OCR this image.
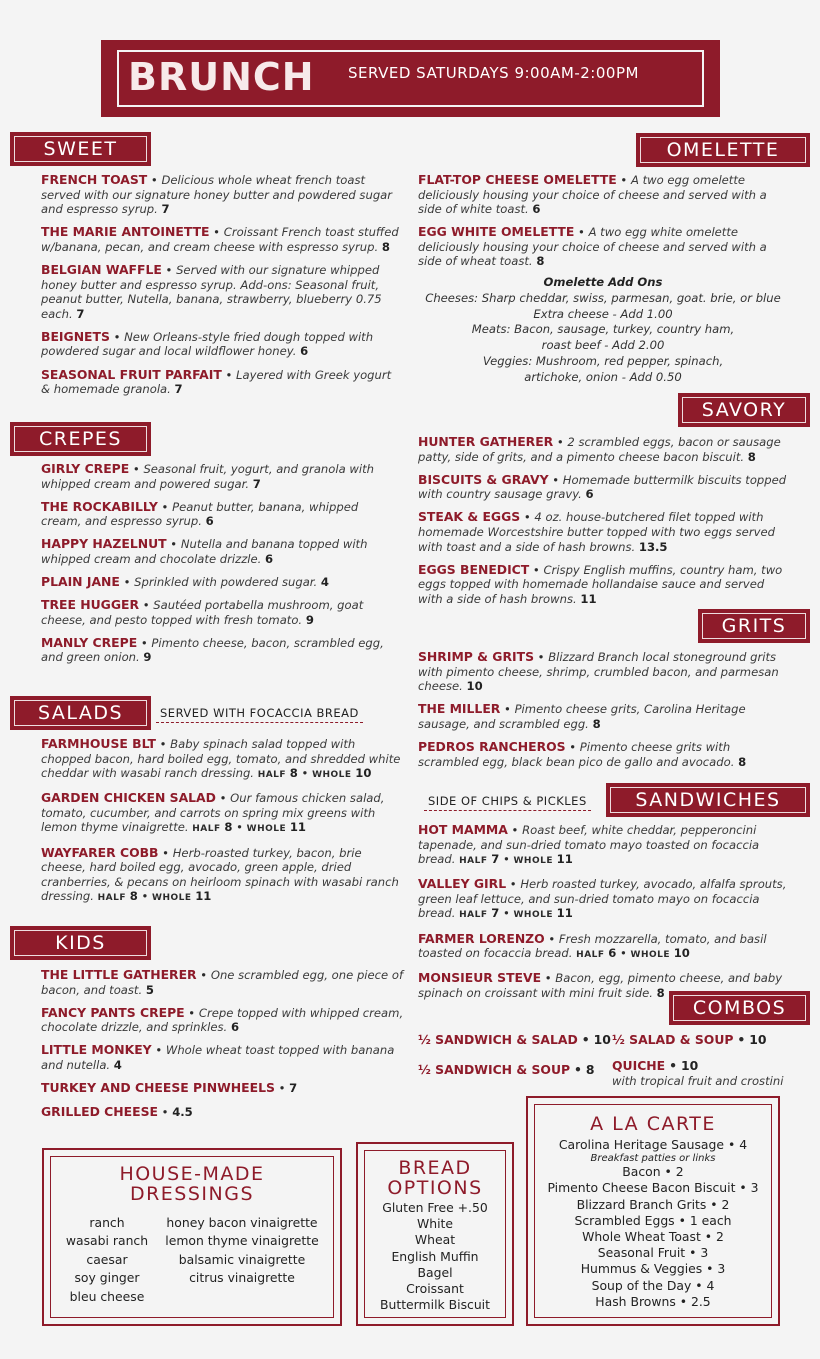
BRUNCH SERVED SATURDAYS 9:00AM-2:00PM
SWEET
FRENCH TOAST • Delicious whole wheat french toast served with our signature honey butter and powdered sugar and espresso syrup. 7
THE MARIE ANTOINETTE • Croissant French toast stuffed w/banana, pecan, and cream cheese with espresso syrup. 8
BELGIAN WAFFLE • Served with our signature whipped honey butter and espresso syrup. Add-ons: Seasonal fruit, peanut butter, Nutella, banana, strawberry, blueberry 0.75 each. 7
BEIGNETS • New Orleans-style fried dough topped with powdered sugar and local wildflower honey. 6
SEASONAL FRUIT PARFAIT • Layered with Greek yogurt & homemade granola. 7
CREPES
GIRLY CREPE • Seasonal fruit, yogurt, and granola with whipped cream and powered sugar. 7
THE ROCKABILLY • Peanut butter, banana, whipped cream, and espresso syrup. 6
HAPPY HAZELNUT • Nutella and banana topped with whipped cream and chocolate drizzle. 6
PLAIN JANE • Sprinkled with powdered sugar. 4
TREE HUGGER • Sautéed portabella mushroom, goat cheese, and pesto topped with fresh tomato. 9
MANLY CREPE • Pimento cheese, bacon, scrambled egg, and green onion. 9
SALADS	SERVED WITH FOCACCIA BREAD
FARMHOUSE BLT • Baby spinach salad topped with chopped bacon, hard boiled egg, tomato, and shredded white cheddar with wasabi ranch dressing. HALF 8 • WHOLE 10
GARDEN CHICKEN SALAD • Our famous chicken salad, tomato, cucumber, and carrots on spring mix greens with lemon thyme vinaigrette. HALF 8 • WHOLE 11
WAYFARER COBB • Herb-roasted turkey, bacon, brie cheese, hard boiled egg, avocado, green apple, dried cranberries, & pecans on heirloom spinach with wasabi ranch dressing. HALF 8 • WHOLE 11
KIDS
THE LITTLE GATHERER • One scrambled egg, one piece of bacon, and toast. 5
FANCY PANTS CREPE • Crepe topped with whipped cream, chocolate drizzle, and sprinkles. 6
LITTLE MONKEY • Whole wheat toast topped with banana and nutella. 4
TURKEY AND CHEESE PINWHEELS • 7
GRILLED CHEESE • 4.5
OMELETTE
FLAT-TOP CHEESE OMELETTE • A two egg omelette deliciously housing your choice of cheese and served with a side of white toast. 6
EGG WHITE OMELETTE • A two egg white omelette deliciously housing your choice of cheese and served with a side of wheat toast. 8
Omelette Add Ons
Cheeses: Sharp cheddar, swiss, parmesan, goat. brie, or blue
Extra cheese - Add 1.00
Meats: Bacon, sausage, turkey, country ham,
roast beef - Add 2.00
Veggies: Mushroom, red pepper, spinach,
artichoke, onion - Add 0.50
SAVORY
HUNTER GATHERER • 2 scrambled eggs, bacon or sausage patty, side of grits, and a pimento cheese bacon biscuit. 8
BISCUITS & GRAVY • Homemade buttermilk biscuits topped with country sausage gravy. 6
STEAK & EGGS • 4 oz. house-butchered filet topped with homemade Worcestshire butter topped with two eggs served with toast and a side of hash browns. 13.5
EGGS BENEDICT • Crispy English muffins, country ham, two eggs topped with homemade hollandaise sauce and served with a side of hash browns. 11
GRITS
SHRIMP & GRITS • Blizzard Branch local stoneground grits with pimento cheese, shrimp, crumbled bacon, and parmesan cheese. 10
THE MILLER • Pimento cheese grits, Carolina Heritage sausage, and scrambled egg. 8
PEDROS RANCHEROS • Pimento cheese grits with scrambled egg, black bean pico de gallo and avocado. 8
SIDE OF CHIPS & PICKLES	SANDWICHES
HOT MAMMA • Roast beef, white cheddar, pepperoncini tapenade, and sun-dried tomato mayo toasted on focaccia bread. HALF 7 • WHOLE 11
VALLEY GIRL • Herb roasted turkey, avocado, alfalfa sprouts, green leaf lettuce, and sun-dried tomato mayo on focaccia bread. HALF 7 • WHOLE 11
FARMER LORENZO • Fresh mozzarella, tomato, and basil toasted on focaccia bread. HALF 6 • WHOLE 10
MONSIEUR STEVE • Bacon, egg, pimento cheese, and baby spinach on croissant with mini fruit side. 8
COMBOS
½ SANDWICH & SALAD • 10 ½ SALAD & SOUP • 10
½ SANDWICH & SOUP • 8 QUICHE • 10
with tropical fruit and crostini
HOUSE-MADE DRESSINGS
ranch
wasabi ranch
caesar
soy ginger
bleu cheese
honey bacon vinaigrette
lemon thyme vinaigrette
balsamic vinaigrette
citrus vinaigrette
BREAD OPTIONS
Gluten Free +.50
White
Wheat
English Muffin
Bagel
Croissant
Buttermilk Biscuit
A LA CARTE
Carolina Heritage Sausage • 4
Breakfast patties or links
Bacon • 2
Pimento Cheese Bacon Biscuit • 3
Blizzard Branch Grits • 2
Scrambled Eggs • 1 each
Whole Wheat Toast • 2
Seasonal Fruit • 3
Hummus & Veggies • 3
Soup of the Day • 4
Hash Browns • 2.5
